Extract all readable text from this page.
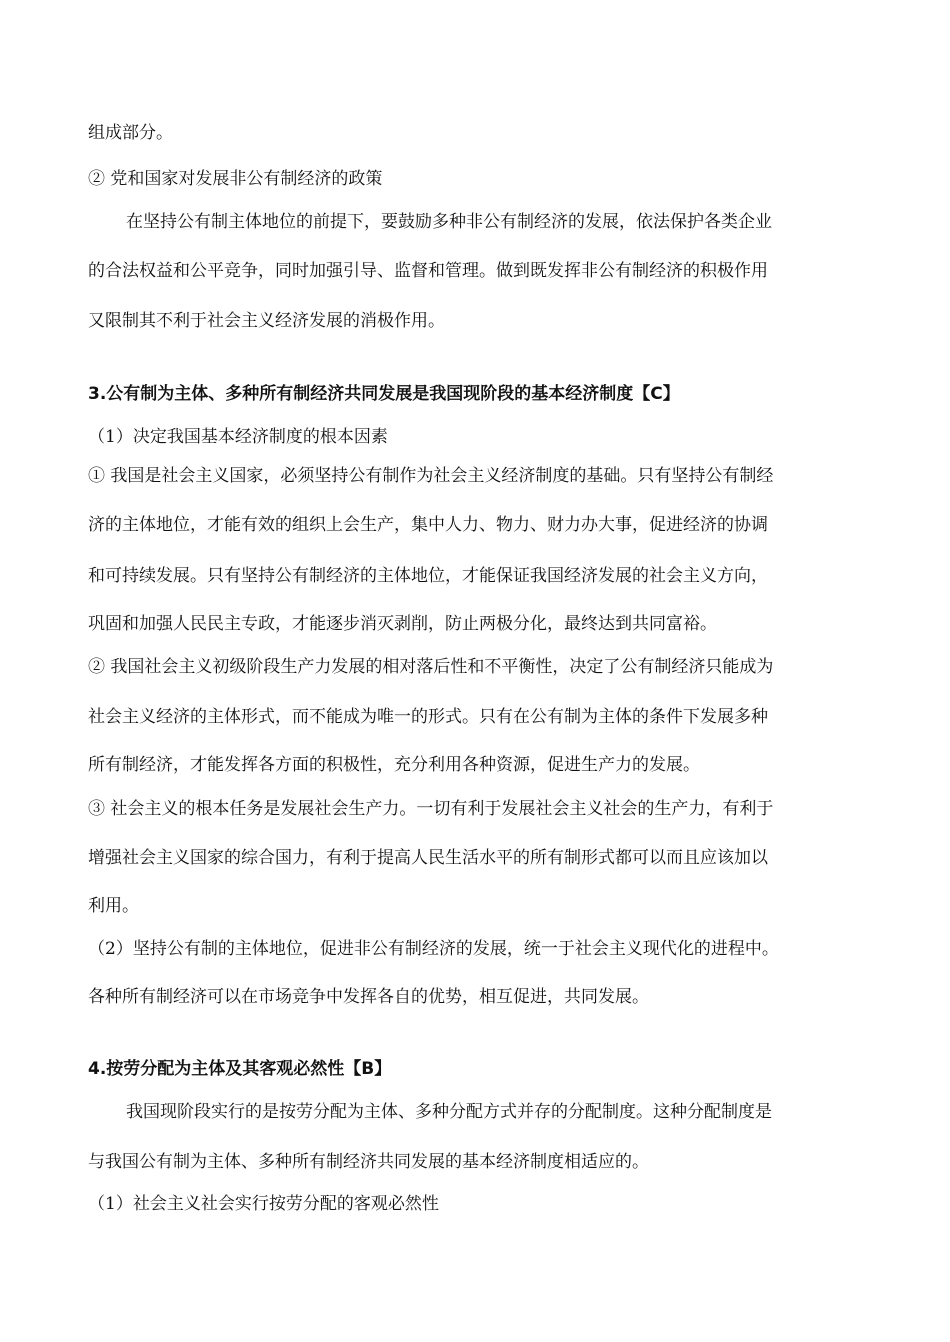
组成部分。
② 党和国家对发展非公有制经济的政策
在坚持公有制主体地位的前提下，要鼓励多种非公有制经济的发展，依法保护各类企业
的合法权益和公平竞争，同时加强引导、监督和管理。做到既发挥非公有制经济的积极作用
又限制其不利于社会主义经济发展的消极作用。
3.公有制为主体、多种所有制经济共同发展是我国现阶段的基本经济制度【C】
（1）决定我国基本经济制度的根本因素
① 我国是社会主义国家，必须坚持公有制作为社会主义经济制度的基础。只有坚持公有制经
济的主体地位，才能有效的组织上会生产，集中人力、物力、财力办大事，促进经济的协调
和可持续发展。只有坚持公有制经济的主体地位，才能保证我国经济发展的社会主义方向，
巩固和加强人民民主专政，才能逐步消灭剥削，防止两极分化，最终达到共同富裕。
② 我国社会主义初级阶段生产力发展的相对落后性和不平衡性，决定了公有制经济只能成为
社会主义经济的主体形式，而不能成为唯一的形式。只有在公有制为主体的条件下发展多种
所有制经济，才能发挥各方面的积极性，充分利用各种资源，促进生产力的发展。
③ 社会主义的根本任务是发展社会生产力。一切有利于发展社会主义社会的生产力，有利于
增强社会主义国家的综合国力，有利于提高人民生活水平的所有制形式都可以而且应该加以
利用。
（2）坚持公有制的主体地位，促进非公有制经济的发展，统一于社会主义现代化的进程中。
各种所有制经济可以在市场竞争中发挥各自的优势，相互促进，共同发展。
4.按劳分配为主体及其客观必然性【B】
我国现阶段实行的是按劳分配为主体、多种分配方式并存的分配制度。这种分配制度是
与我国公有制为主体、多种所有制经济共同发展的基本经济制度相适应的。
（1）社会主义社会实行按劳分配的客观必然性
